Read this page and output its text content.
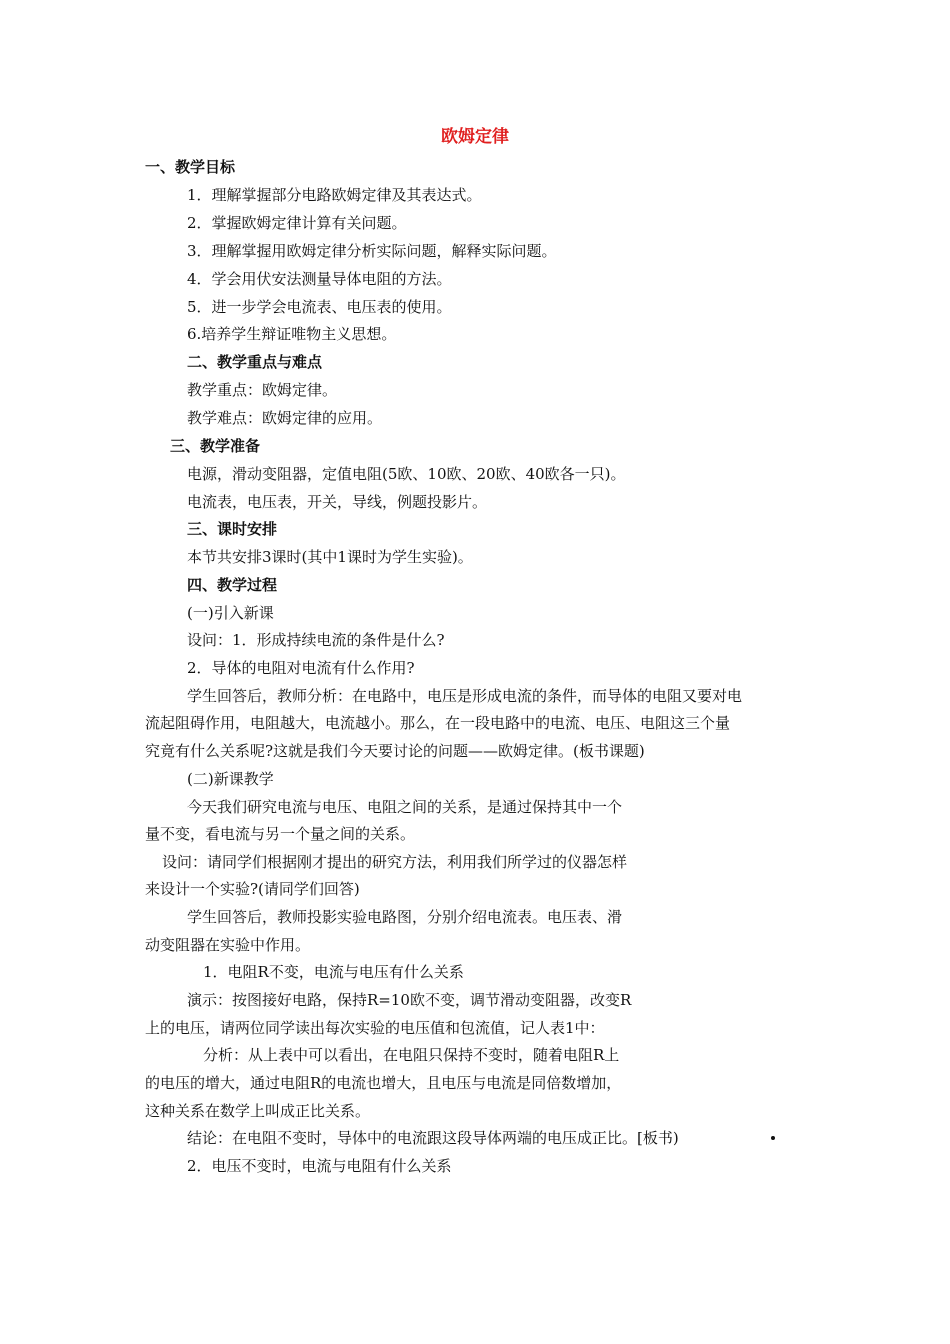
欧姆定律
一、教学目标
1．理解掌握部分电路欧姆定律及其表达式。
2．掌握欧姆定律计算有关问题。
3．理解掌握用欧姆定律分析实际问题，解释实际问题。
4．学会用伏安法测量导体电阻的方法。
5．进一步学会电流表、电压表的使用。
6.培养学生辩证唯物主义思想。
二、教学重点与难点
教学重点：欧姆定律。
教学难点：欧姆定律的应用。
三、教学准备
电源，滑动变阻器，定值电阻(5欧、10欧、20欧、40欧各一只)。
电流表，电压表，开关，导线，例题投影片。
三、课时安排
本节共安排3课时(其中1课时为学生实验)。
四、教学过程
(一)引入新课
设问：1．形成持续电流的条件是什么?
2．导体的电阻对电流有什么作用?
学生回答后，教师分析：在电路中，电压是形成电流的条件，而导体的电阻又要对电
流起阻碍作用，电阻越大，电流越小。那么，在一段电路中的电流、电压、电阻这三个量
究竟有什么关系呢?这就是我们今天要讨论的问题——欧姆定律。(板书课题)
(二)新课教学
今天我们研究电流与电压、电阻之间的关系，是通过保持其中一个
量不变，看电流与另一个量之间的关系。
设问：请同学们根据刚才提出的研究方法，利用我们所学过的仪器怎样
来设计一个实验?(请同学们回答)
学生回答后，教师投影实验电路图，分别介绍电流表。电压表、滑
动变阻器在实验中作用。
1．电阻R不变，电流与电压有什么关系
演示：按图接好电路，保持R=10欧不变，调节滑动变阻器，改变R
上的电压，请两位同学读出每次实验的电压值和包流值，记人表1中：
分析：从上表中可以看出，在电阻只保持不变时，随着电阻R上
的电压的增大，通过电阻R的电流也增大，且电压与电流是同倍数增加，
这种关系在数学上叫成正比关系。
结论：在电阻不变时，导体中的电流跟这段导体两端的电压成正比。[板书)
2．电压不变时，电流与电阻有什么关系
